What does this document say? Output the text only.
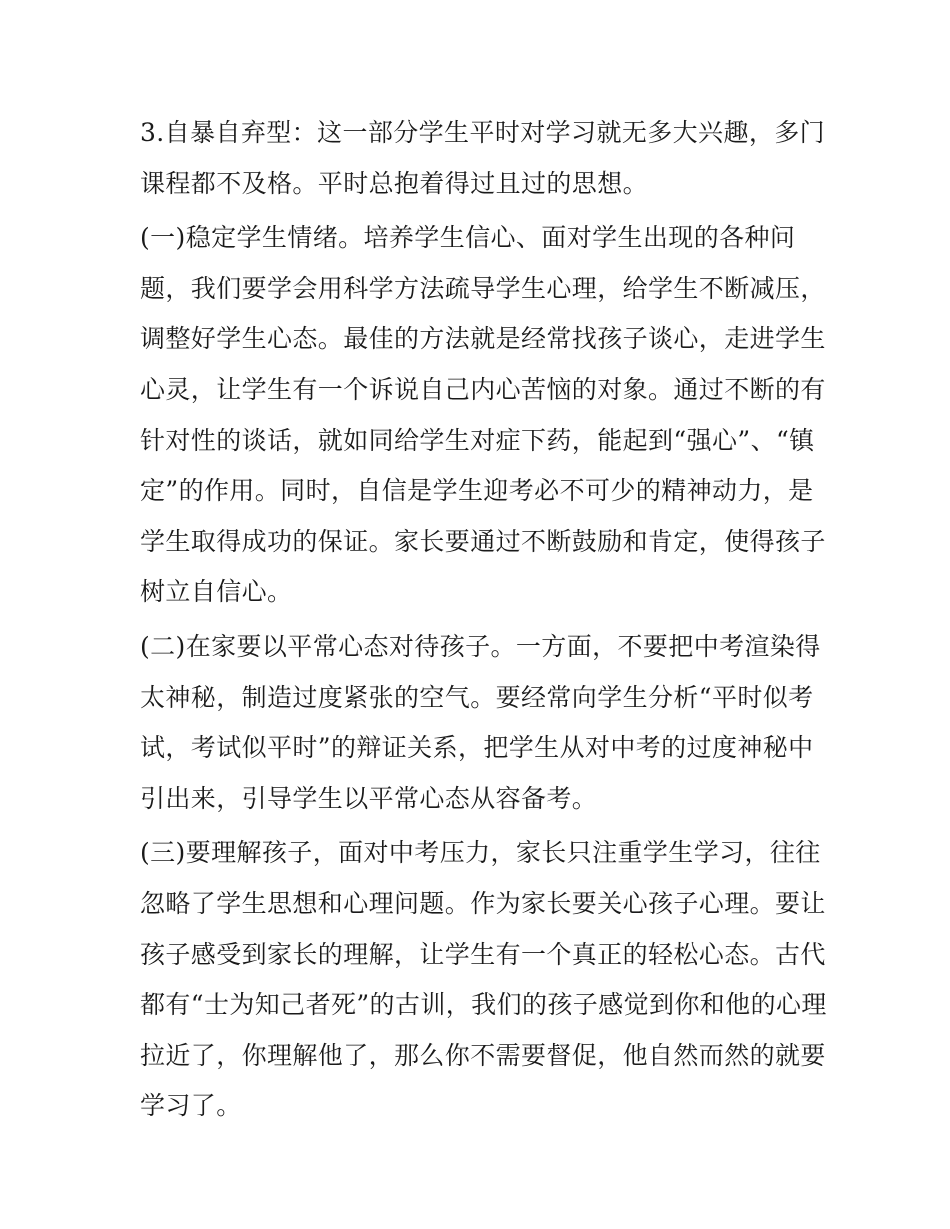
3.自暴自弃型：这一部分学生平时对学习就无多大兴趣，多门
课程都不及格。平时总抱着得过且过的思想。
(一)稳定学生情绪。培养学生信心、面对学生出现的各种问
题，我们要学会用科学方法疏导学生心理，给学生不断减压，
调整好学生心态。最佳的方法就是经常找孩子谈心，走进学生
心灵，让学生有一个诉说自己内心苦恼的对象。通过不断的有
针对性的谈话，就如同给学生对症下药，能起到“强心”、“镇
定”的作用。同时，自信是学生迎考必不可少的精神动力，是
学生取得成功的保证。家长要通过不断鼓励和肯定，使得孩子
树立自信心。
(二)在家要以平常心态对待孩子。一方面，不要把中考渲染得
太神秘，制造过度紧张的空气。要经常向学生分析“平时似考
试，考试似平时”的辩证关系，把学生从对中考的过度神秘中
引出来，引导学生以平常心态从容备考。
(三)要理解孩子，面对中考压力，家长只注重学生学习，往往
忽略了学生思想和心理问题。作为家长要关心孩子心理。要让
孩子感受到家长的理解，让学生有一个真正的轻松心态。古代
都有“士为知己者死”的古训，我们的孩子感觉到你和他的心理
拉近了，你理解他了，那么你不需要督促，他自然而然的就要
学习了。
